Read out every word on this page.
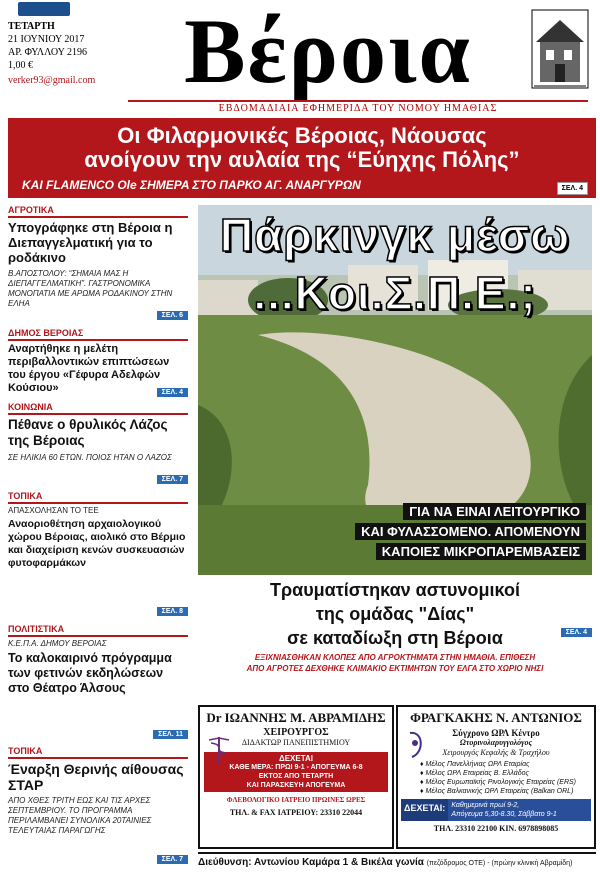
ΤΕΤΑΡΤΗ
21 ΙΟΥΝΙΟΥ 2017
ΑΡ. ΦΥΛΛΟΥ 2196
1,00 €
verker93@gmail.com Βέροια
ΕΒΔΟΜΑΔΙΑΙΑ ΕΦΗΜΕΡΙΔΑ ΤΟΥ ΝΟΜΟΥ ΗΜΑΘΙΑΣ
Οι Φιλαρμονικές Βέροιας, Νάουσας
ανοίγουν την αυλαία της “Εύηχης Πόλης”
ΚΑΙ FLAMENCO Ole ΣΗΜΕΡΑ ΣΤΟ ΠΑΡΚΟ ΑΓ. ΑΝΑΡΓΥΡΩΝ	ΣΕΛ. 4
ΑΓΡΟΤΙΚΑ
Υπογράφηκε στη Βέροια η Διεπαγγελματική για το ροδάκινο
Β.ΑΠΟΣΤΟΛΟΥ: “ΣΗΜΑΙΑ ΜΑΣ Η ΔΙΕΠΑΓΓΕΛΜΑΤΙΚΗ”. ΓΑΣΤΡΟΝΟΜΙΚΑ ΜΟΝΟΠΑΤΙΑ ΜΕ ΑΡΩΜΑ ΡΟΔΑΚΙΝΟΥ ΣΤΗΝ ΕΛΗΑ
ΣΕΛ. 6
ΔΗΜΟΣ ΒΕΡΟΙΑΣ
Αναρτήθηκε η μελέτη περιβαλλοντικών επιπτώσεων του έργου «Γέφυρα Αδελφών Κούσιου»	ΣΕΛ. 4
ΚΟΙΝΩΝΙΑ
Πέθανε ο θρυλικός Λάζος της Βέροιας
ΣΕ ΗΛΙΚΙΑ 60 ΕΤΩΝ. ΠΟΙΟΣ ΗΤΑΝ Ο ΛΑΖΟΣ
ΣΕΛ. 7
ΤΟΠΙΚΑ
ΑΠΑΣΧΟΛΗΣΑΝ ΤΟ ΤΕΕ
Αναοριοθέτηση αρχαιολογικού χώρου Βέροιας, αιολικό στο Βέρμιο και διαχείριση κενών συσκευασιών φυτοφαρμάκων
ΣΕΛ. 8
ΠΟΛΙΤΙΣΤΙΚΑ
Κ.Ε.Π.Α. ΔΗΜΟΥ ΒΕΡΟΙΑΣ
Το καλοκαιρινό πρόγραμμα των φετινών εκδηλώσεων στο Θέατρο Άλσους
ΣΕΛ. 11
ΤΟΠΙΚΑ
Έναρξη Θερινής αίθουσας ΣΤΑΡ
ΑΠΟ ΧΘΕΣ ΤΡΙΤΗ ΕΩΣ ΚΑΙ ΤΙΣ ΑΡΧΕΣ ΣΕΠΤΕΜΒΡΙΟΥ. ΤΟ ΠΡΟΓΡΑΜΜΑ ΠΕΡΙΛΑΜΒΑΝΕΙ ΣΥΝΟΛΙΚΑ 20ΤΑΙΝΙΕΣ ΤΕΛΕΥΤΑΙΑΣ ΠΑΡΑΓΩΓΗΣ
ΣΕΛ. 7
Πάρκινγκ μέσω
...Κοι.Σ.Π.Ε.;
ΓΙΑ ΝΑ ΕΙΝΑΙ ΛΕΙΤΟΥΡΓΙΚΟ
ΚΑΙ ΦΥΛΑΣΣΟΜΕΝΟ. ΑΠΟΜΕΝΟΥΝ
ΚΑΠΟΙΕΣ ΜΙΚΡΟΠΑΡΕΜΒΑΣΕΙΣ
Τραυματίστηκαν αστυνομικοί
της ομάδας "Δίας"
σε καταδίωξη στη Βέροια	ΣΕΛ. 4
ΕΞΙΧΝΙΑΣΘΗΚΑΝ ΚΛΟΠΕΣ ΑΠΟ ΑΓΡΟΚΤΗΜΑΤΑ ΣΤΗΝ ΗΜΑΘΙΑ. ΕΠΙΘΕΣΗ
ΑΠΟ ΑΓΡΟΤΕΣ ΔΕΧΘΗΚΕ ΚΛΙΜΑΚΙΟ ΕΚΤΙΜΗΤΩΝ ΤΟΥ ΕΛΓΑ ΣΤΟ ΧΩΡΙΟ ΝΗΣΙ
Dr ΙΩΑΝΝΗΣ Μ. ΑΒΡΑΜΙΔΗΣ
ΧΕΙΡΟΥΡΓΟΣ
ΔΙΔΑΚΤΩΡ ΠΑΝΕΠΙΣΤΗΜΙΟΥ
ΔΕΧΕΤΑΙ
ΚΑΘΕ ΜΕΡΑ: ΠΡΩΙ 9-1 - ΑΠΟΓΕΥΜΑ 6-8
ΕΚΤΟΣ ΑΠΟ ΤΕΤΑΡΤΗ
ΚΑΙ ΠΑΡΑΣΚΕΥΗ ΑΠΟΓΕΥΜΑ
ΦΛΕΒΟΛΟΓΙΚΟ ΙΑΤΡΕΙΟ ΠΡΩΙΝΕΣ ΩΡΕΣ
ΤΗΛ. & FAX ΙΑΤΡΕΙΟΥ: 23310 22044
ΦΡΑΓΚΑΚΗΣ Ν. ΑΝΤΩΝΙΟΣ
Σύγχρονο ΩΡΛ Κέντρο
Ωτορινολαρυγγολόγος
Χειρουργός Κεφαλής & Τραχήλου
♦ Μέλος Πανελλήνιας ΩΡΛ Εταιρίας
♦ Μέλος ΩΡΛ Εταιρείας Β. Ελλάδος
♦ Μέλος Ευρωπαϊκής Ρινολογικής Εταιρείας (ERS)
♦ Μέλος Βαλκανικής ΩΡΛ Εταιρείας (Balkan ORL)
ΔΕΧΕΤΑΙ: Καθημερινά πρωί 9-2,
Απόγευμα 5,30-8.30, Σάββατο 9-1
ΤΗΛ. 23310 22100 ΚΙΝ. 6978898085
Διεύθυνση: Αντωνίου Καμάρα 1 & Βικέλα γωνία (πεζόδρομος ΟΤΕ) - (πρώην κλινική Αβραμίδη)
